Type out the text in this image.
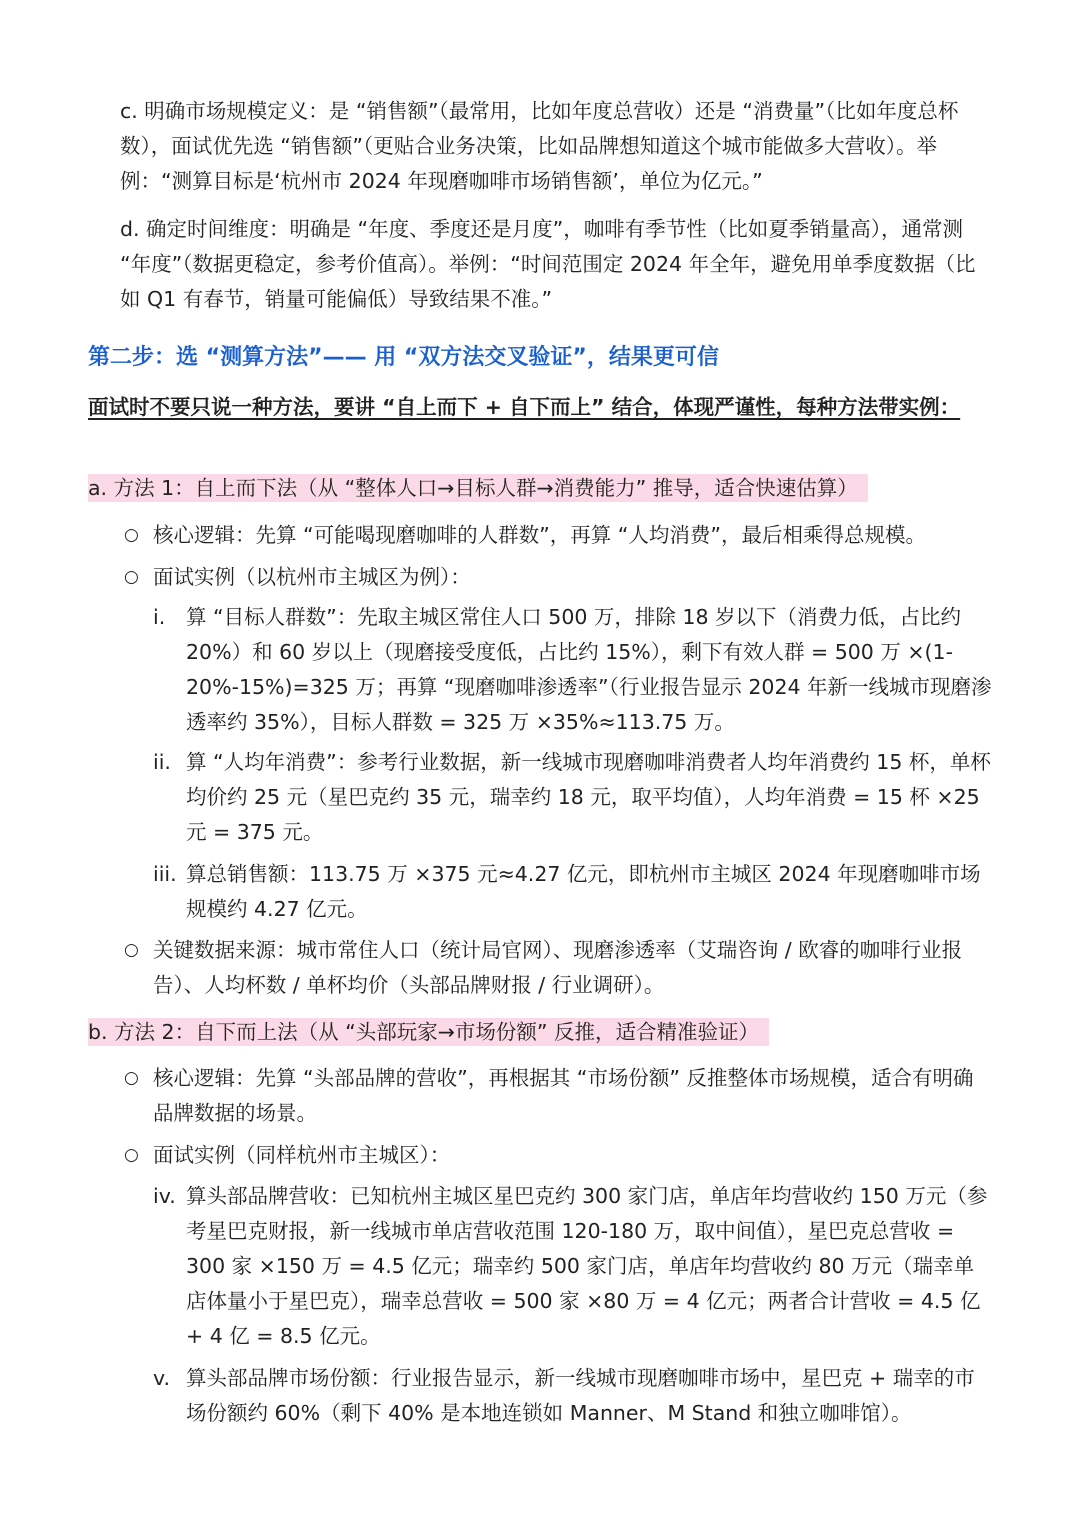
c. 明确市场规模定义：是 “销售额”（最常用，比如年度总营收）还是 “消费量”（比如年度总杯数），面试优先选 “销售额”（更贴合业务决策，比如品牌想知道这个城市能做多大营收）。举例：“测算目标是‘杭州市 2024 年现磨咖啡市场销售额’，单位为亿元。”

d. 确定时间维度：明确是 “年度、季度还是月度”，咖啡有季节性（比如夏季销量高），通常测 “年度”（数据更稳定，参考价值高）。举例：“时间范围定 2024 年全年，避免用单季度数据（比如 Q1 有春节，销量可能偏低）导致结果不准。”

第二步：选 “测算方法”—— 用 “双方法交叉验证”，结果更可信

面试时不要只说一种方法，要讲 “自上而下 + 自下而上” 结合，体现严谨性，每种方法带实例：

a. 方法 1：自上而下法（从 “整体人口→目标人群→消费能力” 推导，适合快速估算）
○ 核心逻辑：先算 “可能喝现磨咖啡的人群数”，再算 “人均消费”，最后相乘得总规模。

○ 面试实例（以杭州市主城区为例）：

i.	算 “目标人群数”：先取主城区常住人口 500 万，排除 18 岁以下（消费力低，占比约 20%）和 60 岁以上（现磨接受度低，占比约 15%），剩下有效人群 = 500 万 ×(1-20%-15%)=325 万；再算 “现磨咖啡渗透率”（行业报告显示 2024 年新一线城市现磨渗透率约 35%），目标人群数 = 325 万 ×35%≈113.75 万。

ii. 算 “人均年消费”：参考行业数据，新一线城市现磨咖啡消费者人均年消费约 15 杯，单杯均价约 25 元（星巴克约 35 元，瑞幸约 18 元，取平均值），人均年消费 = 15 杯 ×25 元 = 375 元。

iii. 算总销售额：113.75 万 ×375 元≈4.27 亿元，即杭州市主城区 2024 年现磨咖啡市场规模约 4.27 亿元。

○ 关键数据来源：城市常住人口（统计局官网）、现磨渗透率（艾瑞咨询 / 欧睿的咖啡行业报告）、人均杯数 / 单杯均价（头部品牌财报 / 行业调研）。

b. 方法 2：自下而上法（从 “头部玩家→市场份额” 反推，适合精准验证）
○ 核心逻辑：先算 “头部品牌的营收”，再根据其 “市场份额” 反推整体市场规模，适合有明确品牌数据的场景。

○ 面试实例（同样杭州市主城区）：

iv. 算头部品牌营收：已知杭州主城区星巴克约 300 家门店，单店年均营收约 150 万元（参考星巴克财报，新一线城市单店营收范围 120-180 万，取中间值），星巴克总营收 = 300 家 ×150 万 = 4.5 亿元；瑞幸约 500 家门店，单店年均营收约 80 万元（瑞幸单店体量小于星巴克），瑞幸总营收 = 500 家 ×80 万 = 4 亿元；两者合计营收 = 4.5 亿 + 4 亿 = 8.5 亿元。

v. 算头部品牌市场份额：行业报告显示，新一线城市现磨咖啡市场中，星巴克 + 瑞幸的市场份额约 60%（剩下 40% 是本地连锁如 Manner、M Stand 和独立咖啡馆）。
